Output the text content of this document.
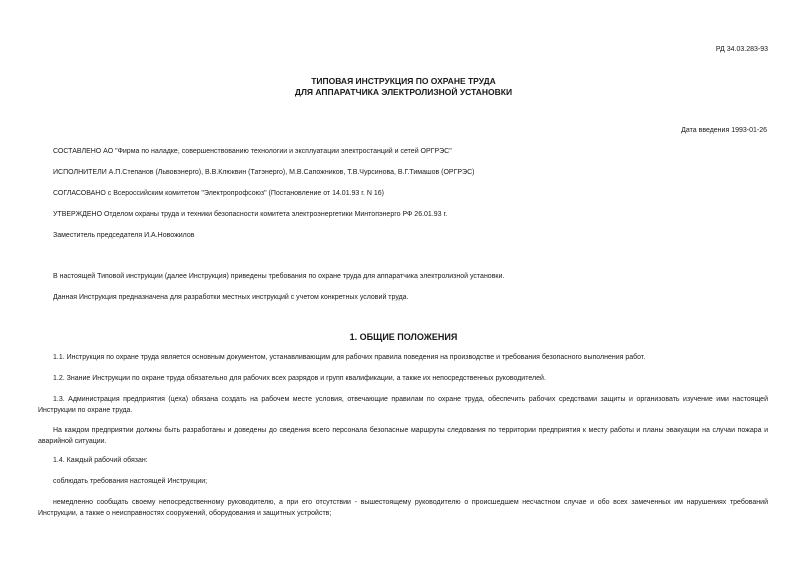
РД 34.03.283-93
ТИПОВАЯ ИНСТРУКЦИЯ ПО ОХРАНЕ ТРУДА
ДЛЯ АППАРАТЧИКА ЭЛЕКТРОЛИЗНОЙ УСТАНОВКИ
Дата введения 1993-01-26
СОСТАВЛЕНО АО "Фирма по наладке, совершенствованию технологии и эксплуатации электростанций и сетей ОРГРЭС"
ИСПОЛНИТЕЛИ А.П.Степанов (Львовэнерго), В.В.Клюквин (Татэнерго), М.В.Сапожников, Т.В.Чурсинова, В.Г.Тимашов (ОРГРЭС)
СОГЛАСОВАНО с Всероссийским комитетом "Электропрофсоюз" (Постановление от 14.01.93 г. N 16)
УТВЕРЖДЕНО Отделом охраны труда и техники безопасности комитета электроэнергетики Минтопэнерго РФ 26.01.93 г.
Заместитель председателя И.А.Новожилов
В настоящей Типовой инструкции (далее Инструкция) приведены требования по охране труда для аппаратчика электролизной установки.
Данная Инструкция предназначена для разработки местных инструкций с учетом конкретных условий труда.
1. ОБЩИЕ ПОЛОЖЕНИЯ
1.1. Инструкция по охране труда является основным документом, устанавливающим для рабочих правила поведения на производстве и требования безопасного выполнения работ.
1.2. Знание Инструкции по охране труда обязательно для рабочих всех разрядов и групп квалификации, а также их непосредственных руководителей.
1.3. Администрация предприятия (цеха) обязана создать на рабочем месте условия, отвечающие правилам по охране труда, обеспечить рабочих средствами защиты и организовать изучение ими настоящей Инструкции по охране труда.
На каждом предприятии должны быть разработаны и доведены до сведения всего персонала безопасные маршруты следования по территории предприятия к месту работы и планы эвакуации на случаи пожара и аварийной ситуации.
1.4. Каждый рабочий обязан:
соблюдать требования настоящей Инструкции;
немедленно сообщать своему непосредственному руководителю, а при его отсутствии - вышестоящему руководителю о происшедшем несчастном случае и обо всех замеченных им нарушениях требований Инструкции, а также о неисправностях сооружений, оборудования и защитных устройств;
